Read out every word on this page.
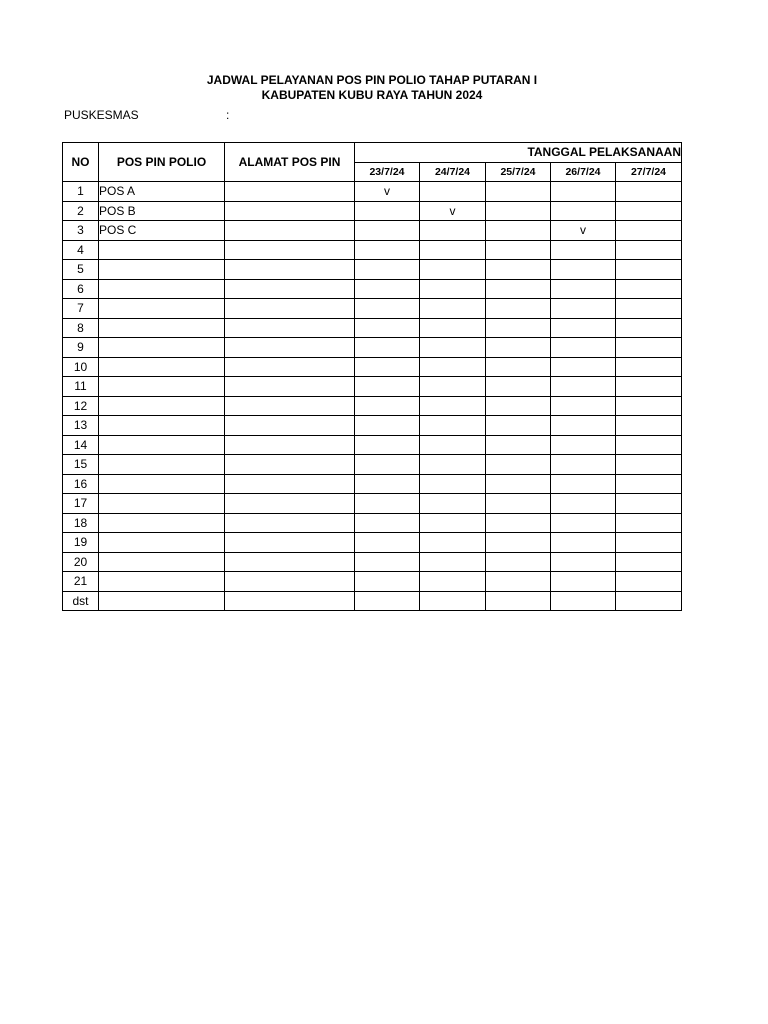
JADWAL PELAYANAN POS PIN POLIO TAHAP PUTARAN I
KABUPATEN KUBU RAYA TAHUN 2024
PUSKESMAS	:
NO	POS PIN POLIO	ALAMAT POS PIN	TANGGAL PELAKSANAAN				
			23/7/24	24/7/24	25/7/24	26/7/24	27/7/24
1	POS A		v				
2	POS B			v			
3	POS C					v	
4							
5							
6							
7							
8							
9							
10							
11							
12							
13							
14							
15							
16							
17							
18							
19							
20							
21							
dst							
